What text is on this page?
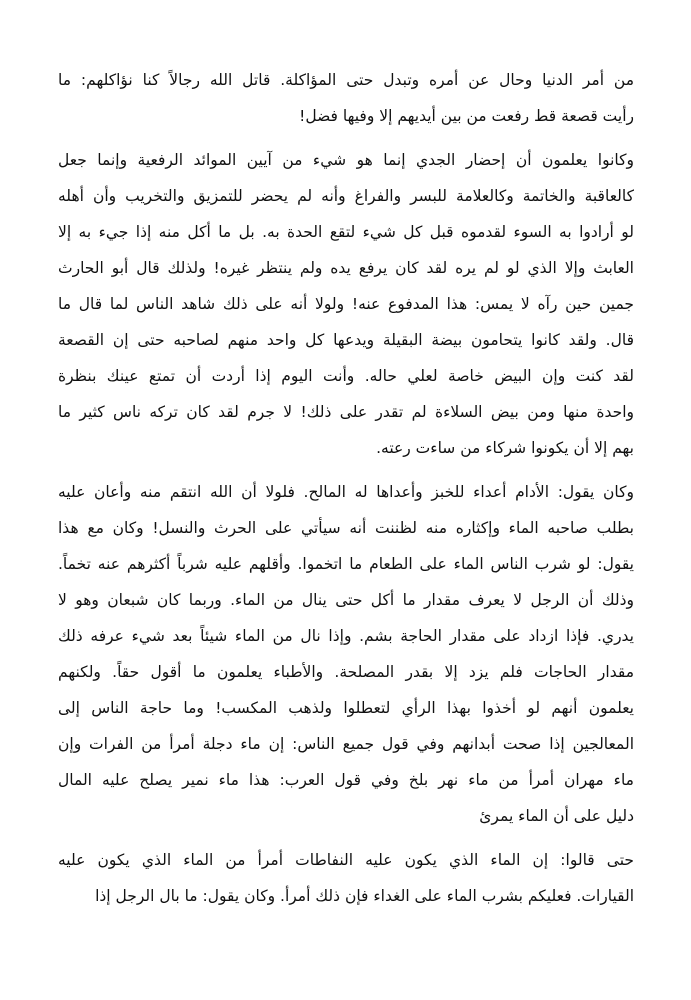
من أمر الدنيا وحال عن أمره وتبدل حتى المؤاكلة. قاتل الله رجالاً كنا نؤاكلهم: ما
رأيت قصعة قط رفعت من بين أيديهم إلا وفيها فضل!
وكانوا يعلمون أن إحضار الجدي إنما هو شيء من آيين الموائد الرفعية وإنما جعل
كالعاقبة والخاتمة وكالعلامة للبسر والفراغ وأنه لم يحضر للتمزيق والتخريب وأن أهله
لو أرادوا به السوء لقدموه قبل كل شيء لتقع الحدة به. بل ما أكل منه إذا جيء به إلا
العابث وإلا الذي لو لم يره لقد كان يرفع يده ولم ينتظر غيره! ولذلك قال أبو الحارث
جمين حين رآه لا يمس: هذا المدفوع عنه! ولولا أنه على ذلك شاهد الناس لما قال ما
قال. ولقد كانوا يتحامون بيضة البقيلة ويدعها كل واحد منهم لصاحبه حتى إن القصعة
لقد كنت وإن البيض خاصة لعلي حاله. وأنت اليوم إذا أردت أن تمتع عينك بنظرة
واحدة منها ومن بيض السلاءة لم تقدر على ذلك! لا جرم لقد كان تركه ناس كثير ما
بهم إلا أن يكونوا شركاء من ساءت رعته.
وكان يقول: الأدام أعداء للخبز وأعداها له المالح. فلولا أن الله انتقم منه وأعان عليه
بطلب صاحبه الماء وإكثاره منه لظننت أنه سيأتي على الحرث والنسل! وكان مع هذا
يقول: لو شرب الناس الماء على الطعام ما اتخموا. وأقلهم عليه شرباً أكثرهم عنه تخماً.
وذلك أن الرجل لا يعرف مقدار ما أكل حتى ينال من الماء. وربما كان شبعان وهو لا
يدري. فإذا ازداد على مقدار الحاجة بشم. وإذا نال من الماء شيئاً بعد شيء عرفه ذلك
مقدار الحاجات فلم يزد إلا بقدر المصلحة. والأطباء يعلمون ما أقول حقاً. ولكنهم
يعلمون أنهم لو أخذوا بهذا الرأي لتعطلوا ولذهب المكسب! وما حاجة الناس إلى
المعالجين إذا صحت أبدانهم وفي قول جميع الناس: إن ماء دجلة أمرأ من الفرات وإن
ماء مهران أمرأ من ماء نهر بلخ وفي قول العرب: هذا ماء نمير يصلح عليه المال
دليل على أن الماء يمرئ
حتى قالوا: إن الماء الذي يكون عليه النفاطات أمرأ من الماء الذي يكون عليه
القيارات. فعليكم بشرب الماء على الغداء فإن ذلك أمرأ. وكان يقول: ما بال الرجل إذا
